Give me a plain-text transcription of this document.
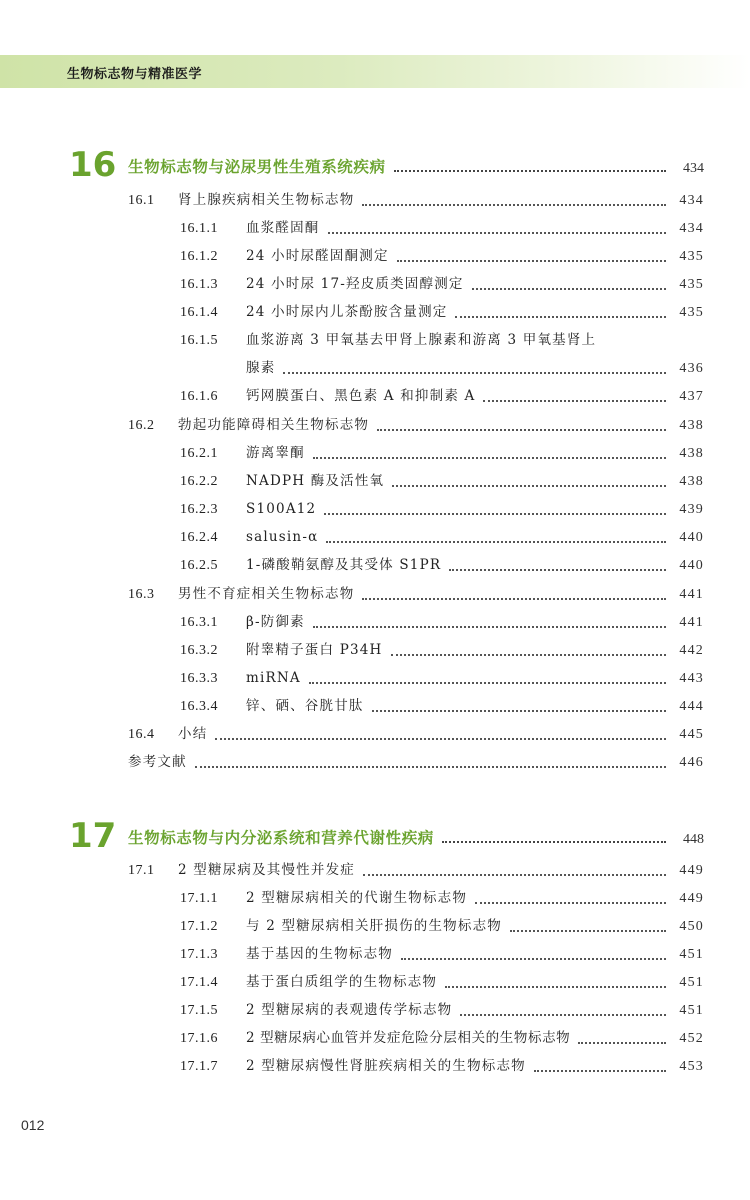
生物标志物与精准医学
16 生物标志物与泌尿男性生殖系统疾病	434
16.1	肾上腺疾病相关生物标志物	434
16.1.1	血浆醛固酮	434
16.1.2	24 小时尿醛固酮测定	435
16.1.3	24 小时尿 17-羟皮质类固醇测定	435
16.1.4	24 小时尿内儿茶酚胺含量测定	435
16.1.5	血浆游离 3 甲氧基去甲肾上腺素和游离 3 甲氧基肾上
腺素	436
16.1.6	钙网膜蛋白、黑色素 A 和抑制素 A	437
16.2	勃起功能障碍相关生物标志物	438
16.2.1	游离睾酮	438
16.2.2	NADPH 酶及活性氧	438
16.2.3	S100A12	439
16.2.4	salusin-α	440
16.2.5	1-磷酸鞘氨醇及其受体 S1PR	440
16.3	男性不育症相关生物标志物	441
16.3.1	β-防御素	441
16.3.2	附睾精子蛋白 P34H	442
16.3.3	miRNA	443
16.3.4	锌、硒、谷胱甘肽	444
16.4	小结	445
参考文献	446
17 生物标志物与内分泌系统和营养代谢性疾病	448
17.1	2 型糖尿病及其慢性并发症	449
17.1.1	2 型糖尿病相关的代谢生物标志物	449
17.1.2	与 2 型糖尿病相关肝损伤的生物标志物	450
17.1.3	基于基因的生物标志物	451
17.1.4	基于蛋白质组学的生物标志物	451
17.1.5	2 型糖尿病的表观遗传学标志物	451
17.1.6	2 型糖尿病心血管并发症危险分层相关的生物标志物	452
17.1.7	2 型糖尿病慢性肾脏疾病相关的生物标志物	453
012
